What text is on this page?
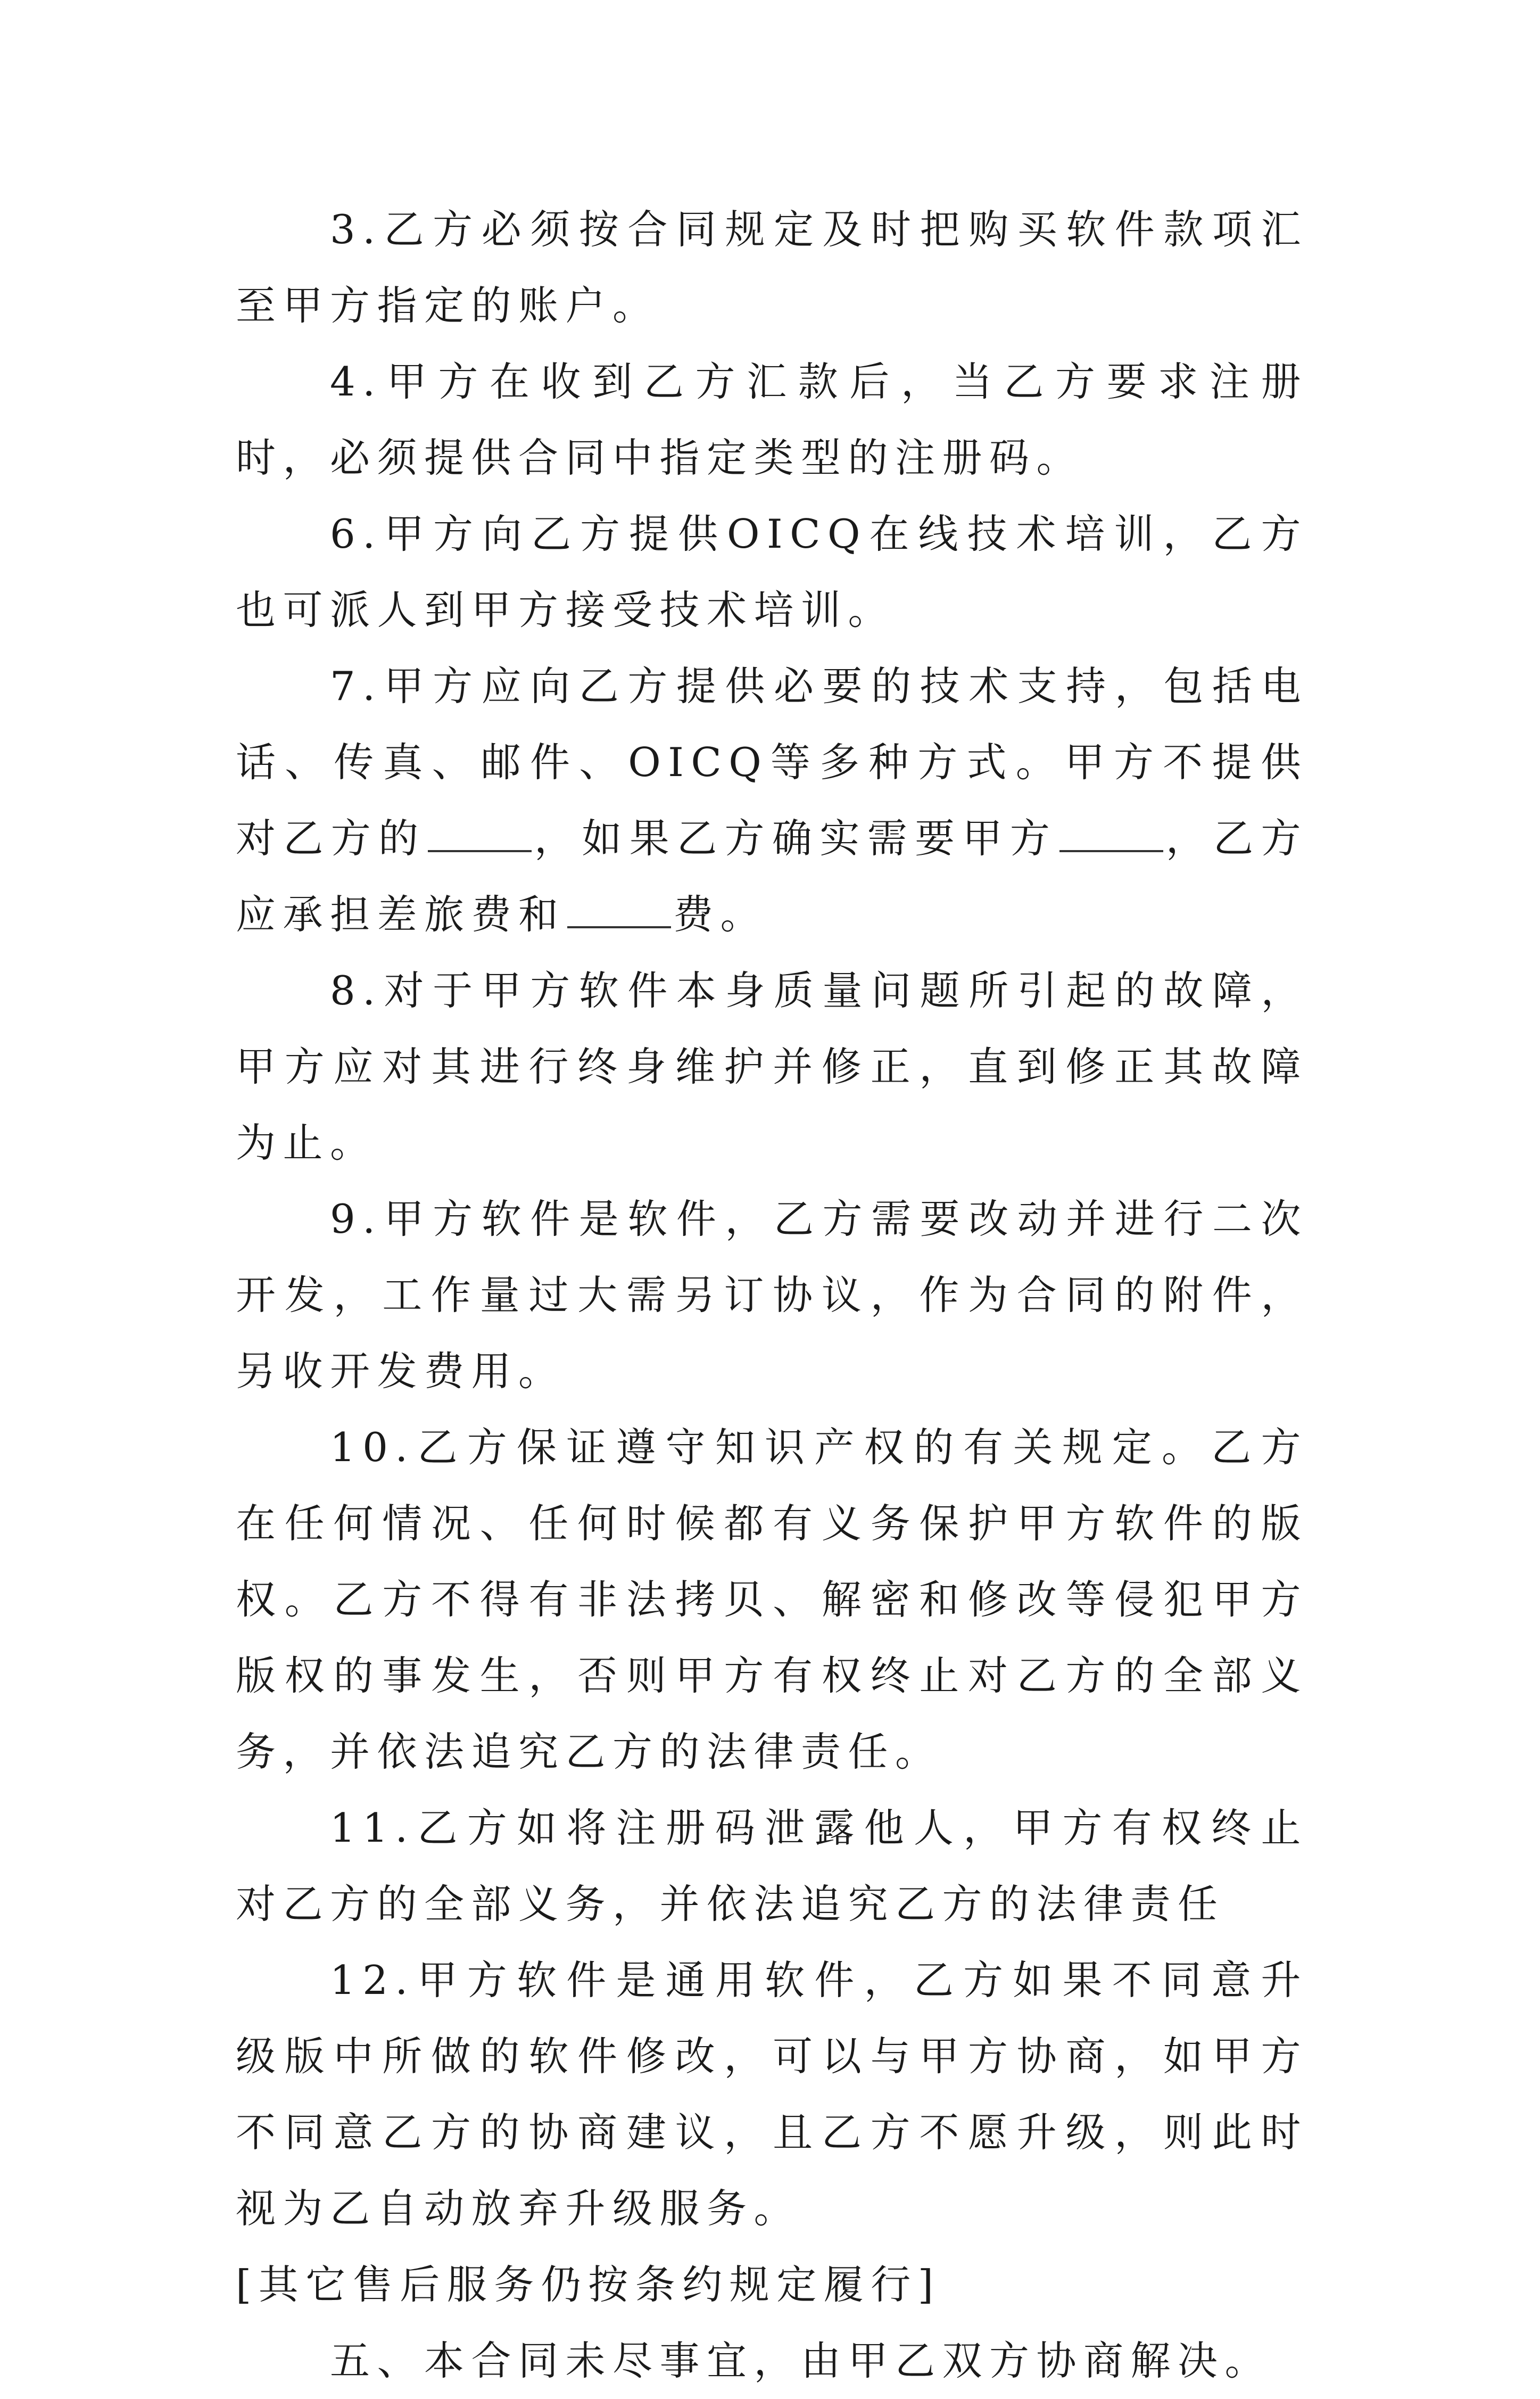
3.乙方必须按合同规定及时把购买软件款项汇至甲方指定的账户。

4.甲方在收到乙方汇款后，当乙方要求注册时，必须提供合同中指定类型的注册码。

6.甲方向乙方提供OICQ在线技术培训，乙方也可派人到甲方接受技术培训。

7.甲方应向乙方提供必要的技术支持，包括电话、传真、邮件、OICQ等多种方式。甲方不提供对乙方的	，如果乙方确实需要甲方	，乙方应承担差旅费和	费。

8.对于甲方软件本身质量问题所引起的故障，甲方应对其进行终身维护并修正，直到修正其故障为止。

9.甲方软件是软件，乙方需要改动并进行二次开发，工作量过大需另订协议，作为合同的附件，另收开发费用。

10.乙方保证遵守知识产权的有关规定。乙方在任何情况、任何时候都有义务保护甲方软件的版权。乙方不得有非法拷贝、解密和修改等侵犯甲方版权的事发生，否则甲方有权终止对乙方的全部义务，并依法追究乙方的法律责任。

11.乙方如将注册码泄露他人，甲方有权终止对乙方的全部义务，并依法追究乙方的法律责任

12.甲方软件是通用软件，乙方如果不同意升级版中所做的软件修改，可以与甲方协商，如甲方不同意乙方的协商建议，且乙方不愿升级，则此时视为乙自动放弃升级服务。

[其它售后服务仍按条约规定履行]

五、本合同未尽事宜，由甲乙双方协商解决。
